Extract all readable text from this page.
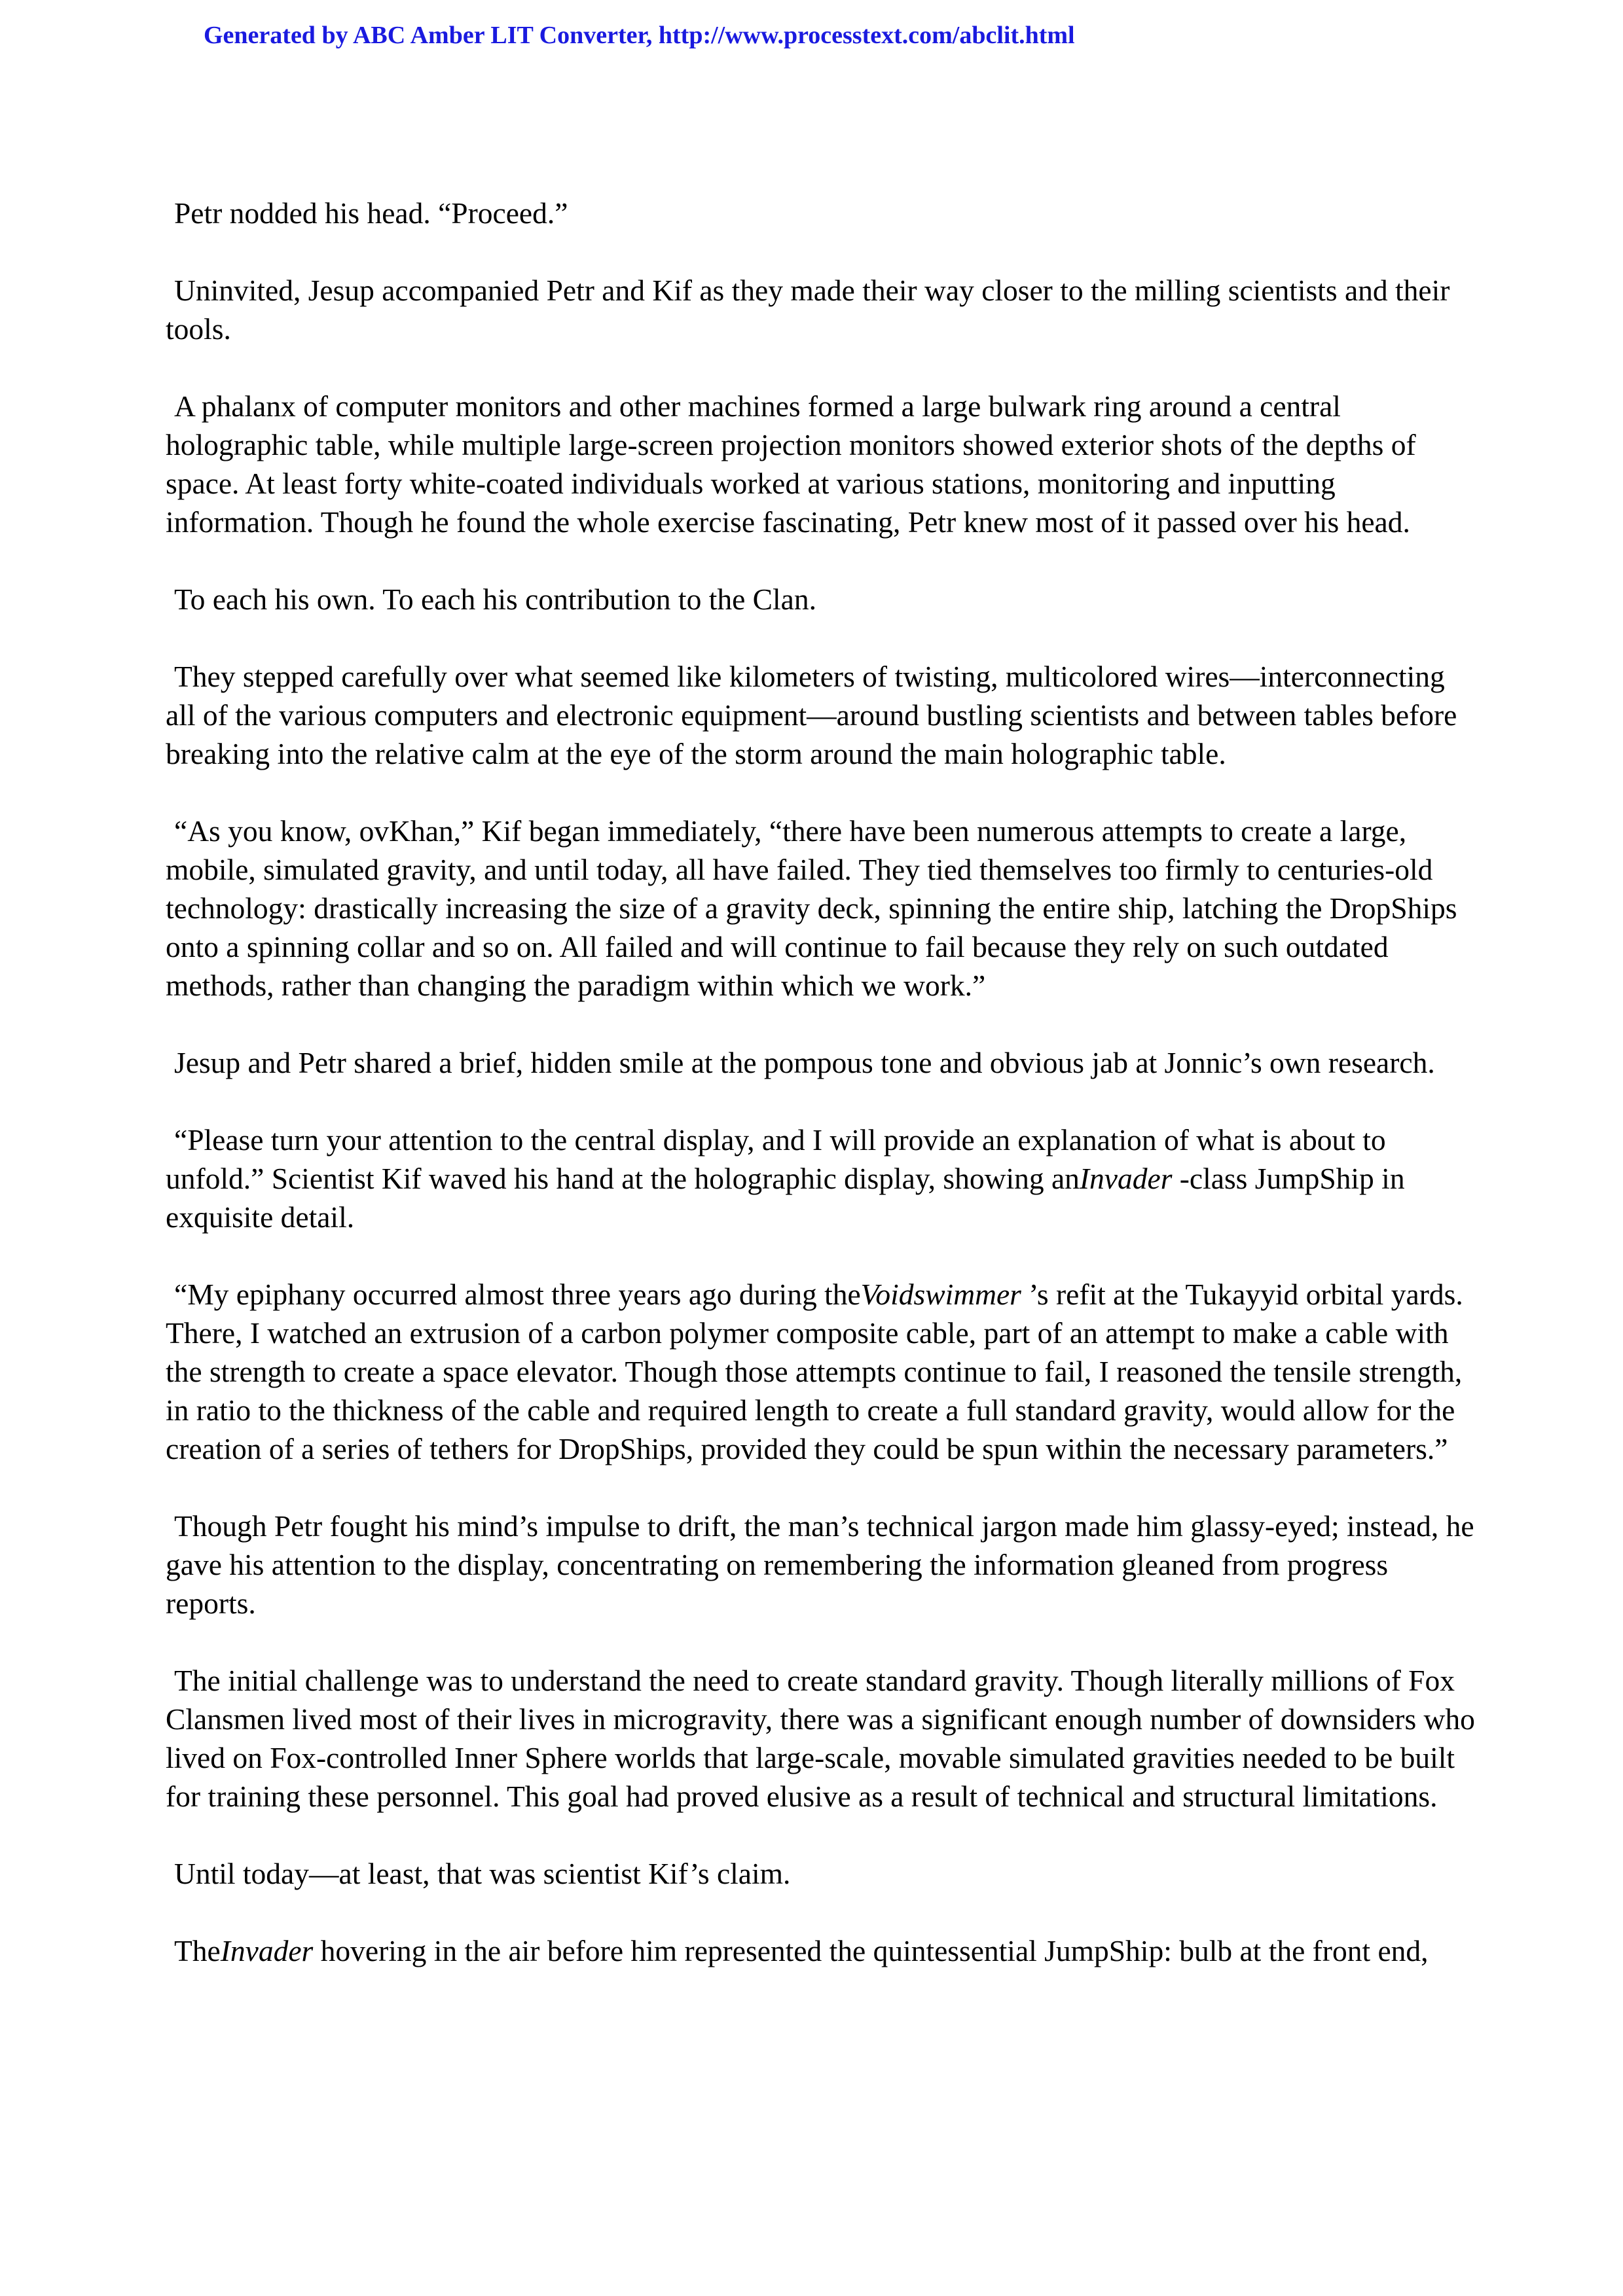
Generated by ABC Amber LIT Converter, http://www.processtext.com/abclit.html

Petr nodded his head. “Proceed.”

Uninvited, Jesup accompanied Petr and Kif as they made their way closer to the milling scientists and their tools.

A phalanx of computer monitors and other machines formed a large bulwark ring around a central holographic table, while multiple large-screen projection monitors showed exterior shots of the depths of space. At least forty white-coated individuals worked at various stations, monitoring and inputting information. Though he found the whole exercise fascinating, Petr knew most of it passed over his head.

To each his own. To each his contribution to the Clan.

They stepped carefully over what seemed like kilometers of twisting, multicolored wires—interconnecting all of the various computers and electronic equipment—around bustling scientists and between tables before breaking into the relative calm at the eye of the storm around the main holographic table.

“As you know, ovKhan,” Kif began immediately, “there have been numerous attempts to create a large, mobile, simulated gravity, and until today, all have failed. They tied themselves too firmly to centuries-old technology: drastically increasing the size of a gravity deck, spinning the entire ship, latching the DropShips onto a spinning collar and so on. All failed and will continue to fail because they rely on such outdated methods, rather than changing the paradigm within which we work.”

Jesup and Petr shared a brief, hidden smile at the pompous tone and obvious jab at Jonnic’s own research.

“Please turn your attention to the central display, and I will provide an explanation of what is about to unfold.” Scientist Kif waved his hand at the holographic display, showing anInvader -class JumpShip in exquisite detail.

“My epiphany occurred almost three years ago during theVoidswimmer ’s refit at the Tukayyid orbital yards. There, I watched an extrusion of a carbon polymer composite cable, part of an attempt to make a cable with the strength to create a space elevator. Though those attempts continue to fail, I reasoned the tensile strength, in ratio to the thickness of the cable and required length to create a full standard gravity, would allow for the creation of a series of tethers for DropShips, provided they could be spun within the necessary parameters.”

Though Petr fought his mind’s impulse to drift, the man’s technical jargon made him glassy-eyed; instead, he gave his attention to the display, concentrating on remembering the information gleaned from progress reports.

The initial challenge was to understand the need to create standard gravity. Though literally millions of Fox Clansmen lived most of their lives in microgravity, there was a significant enough number of downsiders who lived on Fox-controlled Inner Sphere worlds that large-scale, movable simulated gravities needed to be built for training these personnel. This goal had proved elusive as a result of technical and structural limitations.

Until today—at least, that was scientist Kif’s claim.

TheInvader hovering in the air before him represented the quintessential JumpShip: bulb at the front end,
